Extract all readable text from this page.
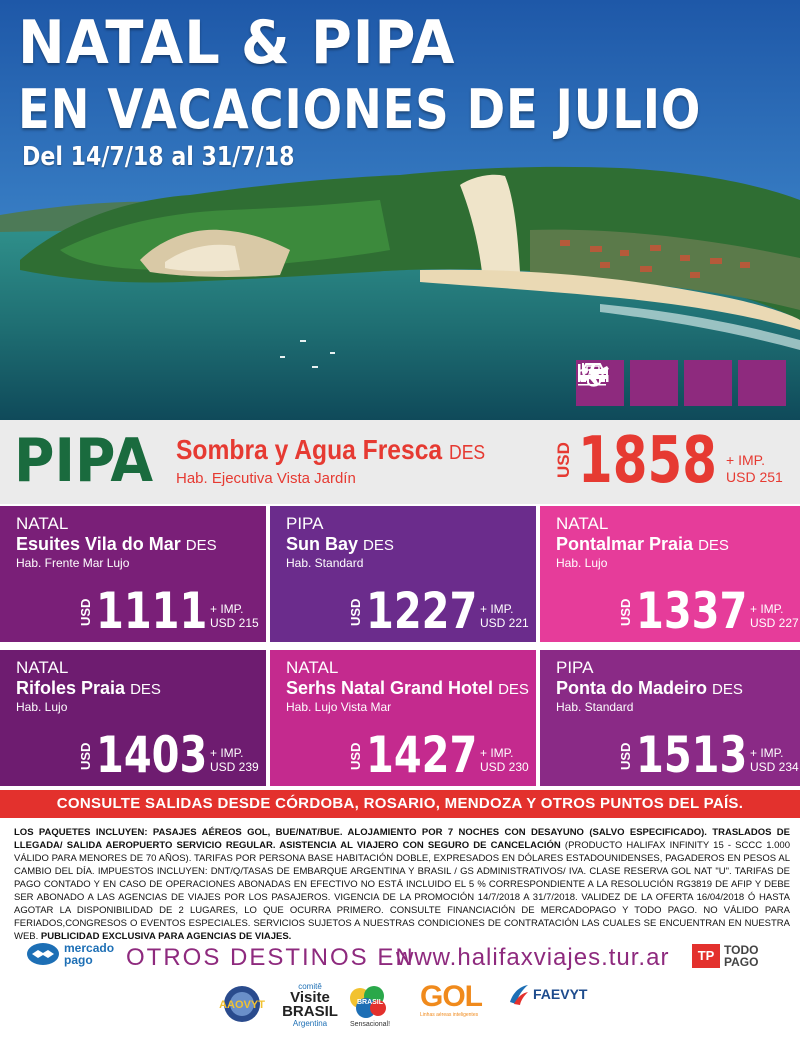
NATAL & PIPA
EN VACACIONES DE JULIO
Del 14/7/18 al 31/7/18
PIPA Sombra y Agua Fresca DES
Hab. Ejecutiva Vista Jardín
USD 1858 + IMP.
USD 251
NATAL
Esuites Vila do Mar DES
Hab. Frente Mar Lujo
USD 1111 + IMP.
USD 215
PIPA
Sun Bay DES
Hab. Standard
USD 1227 + IMP.
USD 221
NATAL
Pontalmar Praia DES
Hab. Lujo
USD 1337 + IMP.
USD 227
NATAL
Rifoles Praia DES
Hab. Lujo
USD 1403 + IMP.
USD 239
NATAL
Serhs Natal Grand Hotel DES
Hab. Lujo Vista Mar
USD 1427 + IMP.
USD 230
PIPA
Ponta do Madeiro DES
Hab. Standard
USD 1513 + IMP.
USD 234
CONSULTE SALIDAS DESDE CÓRDOBA, ROSARIO, MENDOZA Y OTROS PUNTOS DEL PAÍS.
LOS PAQUETES INCLUYEN: PASAJES AÉREOS GOL, BUE/NAT/BUE. ALOJAMIENTO POR 7 NOCHES CON DESAYUNO (SALVO ESPECIFICADO). TRASLADOS DE LLEGADA/ SALIDA AEROPUERTO SERVICIO REGULAR. ASISTENCIA AL VIAJERO CON SEGURO DE CANCELACIÓN (PRODUCTO HALIFAX INFINITY 15 - SCCC 1.000 VÁLIDO PARA MENORES DE 70 AÑOS). TARIFAS POR PERSONA BASE HABITACIÓN DOBLE, EXPRESADOS EN DÓLARES ESTADOUNIDENSES, PAGADEROS EN PESOS AL CAMBIO DEL DÍA. IMPUESTOS INCLUYEN: DNT/Q/TASAS DE EMBARQUE ARGENTINA Y BRASIL / GS ADMINISTRATIVOS/ IVA. CLASE RESERVA GOL NAT "U". TARIFAS DE PAGO CONTADO Y EN CASO DE OPERACIONES ABONADAS EN EFECTIVO NO ESTÁ INCLUIDO EL 5 % CORRESPONDIENTE A LA RESOLUCIÓN RG3819 DE AFIP Y DEBE SER ABONADO A LAS AGENCIAS DE VIAJES POR LOS PASAJEROS. VIGENCIA DE LA PROMOCIÓN 14/7/2018 A 31/7/2018. VALIDEZ DE LA OFERTA 16/04/2018 Ó HASTA AGOTAR LA DISPONIBILIDAD DE 2 LUGARES, LO QUE OCURRA PRIMERO. CONSULTE FINANCIACIÓN DE MERCADOPAGO Y TODO PAGO. NO VÁLIDO PARA FERIADOS,CONGRESOS O EVENTOS ESPECIALES. SERVICIOS SUJETOS A NUESTRAS CONDICIONES DE CONTRATACIÓN LAS CUALES SE ENCUENTRAN EN NUESTRA WEB. PUBLICIDAD EXCLUSIVA PARA AGENCIAS DE VIAJES.
mercado
pago	OTROS DESTINOS EN
www.halifaxviajes.tur.ar	TP TODO
PAGO
AAOVYT
comitê
Visite
BRASIL
Argentina
BRASIL
Sensacional!
GOL
Linhas aéreas inteligentes
FAEVYT
